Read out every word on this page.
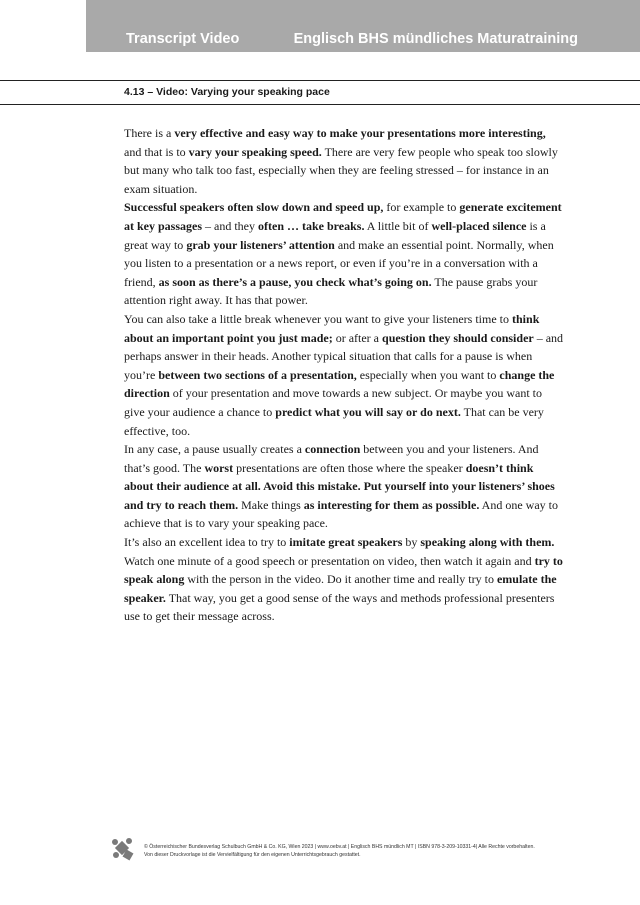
Transcript Video	Englisch BHS mündliches Maturatraining
4.13 – Video: Varying your speaking pace

There is a very effective and easy way to make your presentations more interesting, and that is to vary your speaking speed. There are very few people who speak too slowly but many who talk too fast, especially when they are feeling stressed – for instance in an exam situation.

Successful speakers often slow down and speed up, for example to generate excitement at key passages – and they often … take breaks. A little bit of well-placed silence is a great way to grab your listeners’ attention and make an essential point. Normally, when you listen to a presentation or a news report, or even if you’re in a conversation with a friend, as soon as there’s a pause, you check what’s going on. The pause grabs your attention right away. It has that power.

You can also take a little break whenever you want to give your listeners time to think about an important point you just made; or after a question they should consider – and perhaps answer in their heads. Another typical situation that calls for a pause is when you’re between two sections of a presentation, especially when you want to change the direction of your presentation and move towards a new subject. Or maybe you want to give your audience a chance to predict what you will say or do next. That can be very effective, too.

In any case, a pause usually creates a connection between you and your listeners. And that’s good. The worst presentations are often those where the speaker doesn’t think about their audience at all. Avoid this mistake. Put yourself into your listeners’ shoes and try to reach them. Make things as interesting for them as possible. And one way to achieve that is to vary your speaking pace.

It’s also an excellent idea to try to imitate great speakers by speaking along with them. Watch one minute of a good speech or presentation on video, then watch it again and try to speak along with the person in the video. Do it another time and really try to emulate the speaker. That way, you get a good sense of the ways and methods professional presenters use to get their message across.

© Österreichischer Bundesverlag Schulbuch GmbH & Co. KG, Wien 2023 | www.oebv.at | Englisch BHS mündlich MT | ISBN 978-3-209-10331-4| Alle Rechte vorbehalten.
Von dieser Druckvorlage ist die Vervielfältigung für den eigenen Unterrichtsgebrauch gestattet.
